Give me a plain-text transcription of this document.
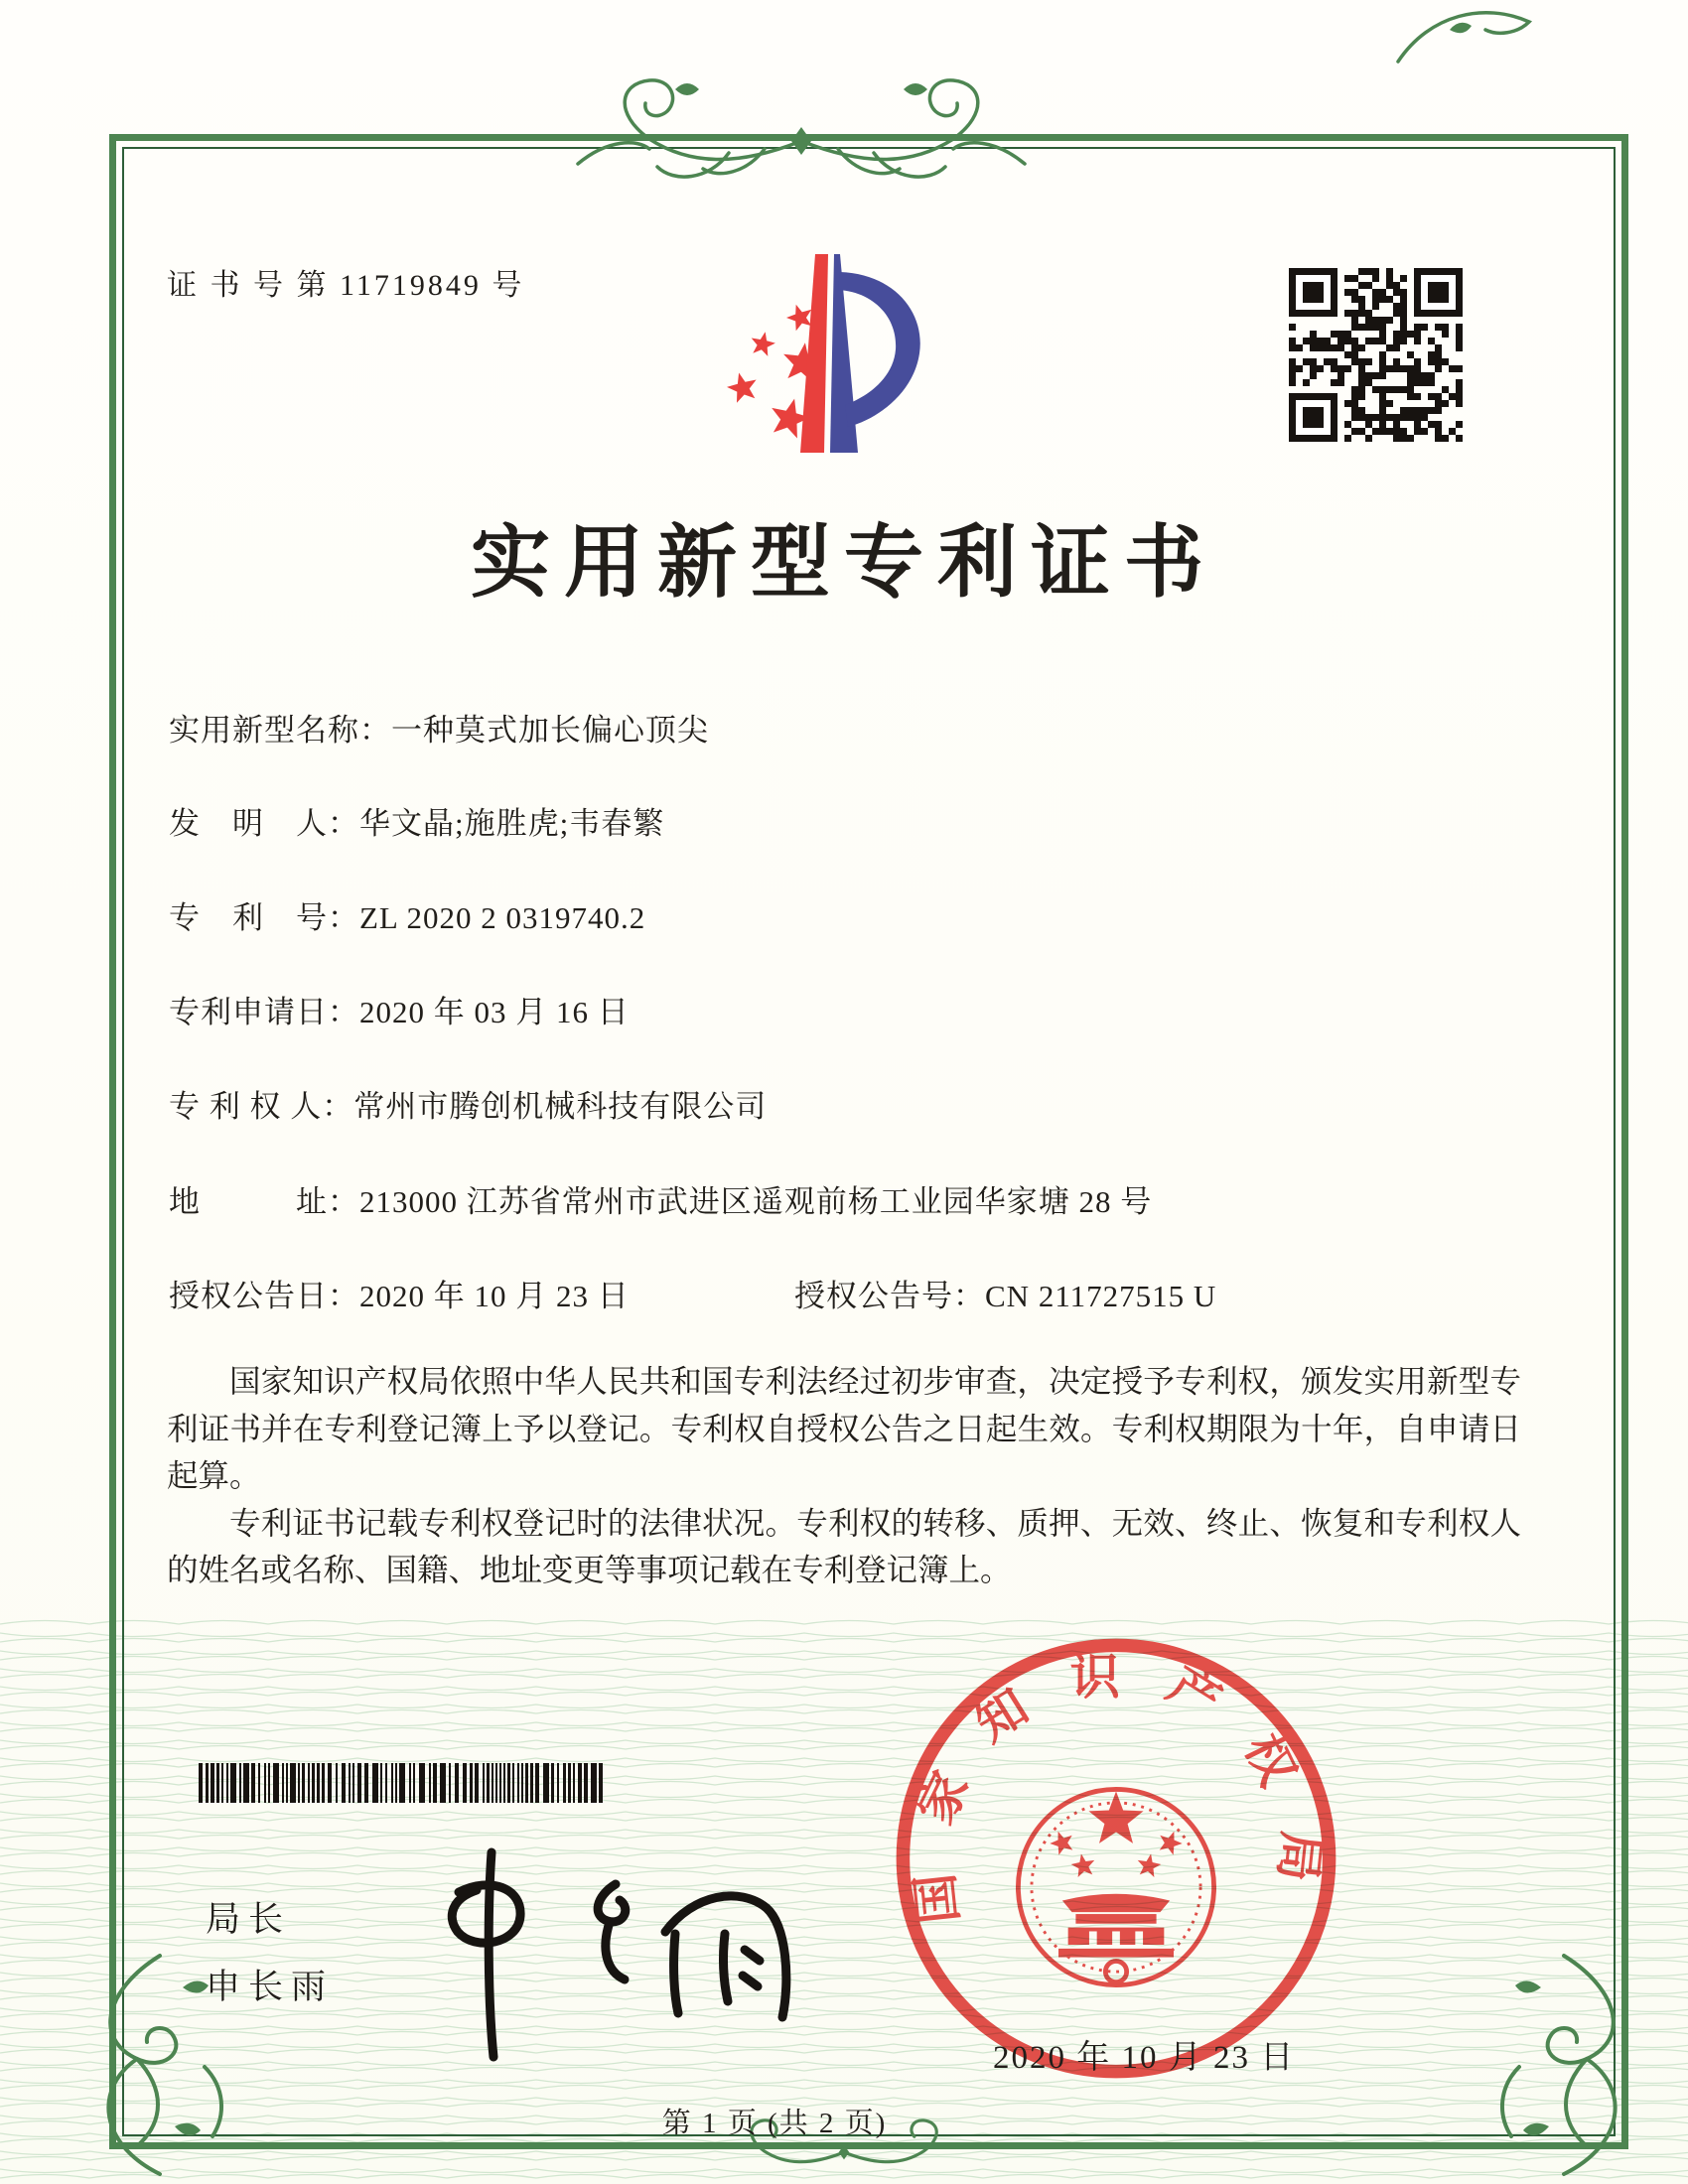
证 书 号 第 11719849 号
实用新型专利证书
实用新型名称：一种莫式加长偏心顶尖
发　明　人：华文晶;施胜虎;韦春繁
专　利　号：ZL 2020 2 0319740.2
专利申请日：2020 年 03 月 16 日
专 利 权 人：常州市腾创机械科技有限公司
地　　　址：213000 江苏省常州市武进区遥观前杨工业园华家塘 28 号
授权公告日：2020 年 10 月 23 日	授权公告号：CN 211727515 U

国家知识产权局依照中华人民共和国专利法经过初步审查，决定授予专利权，颁发实用新型专利证书并在专利登记簿上予以登记。专利权自授权公告之日起生效。专利权期限为十年，自申请日起算。

专利证书记载专利权登记时的法律状况。专利权的转移、质押、无效、终止、恢复和专利权人的姓名或名称、国籍、地址变更等事项记载在专利登记簿上。

局长
申长雨
国家知识产权局
2020 年 10 月 23 日
第 1 页 (共 2 页)
